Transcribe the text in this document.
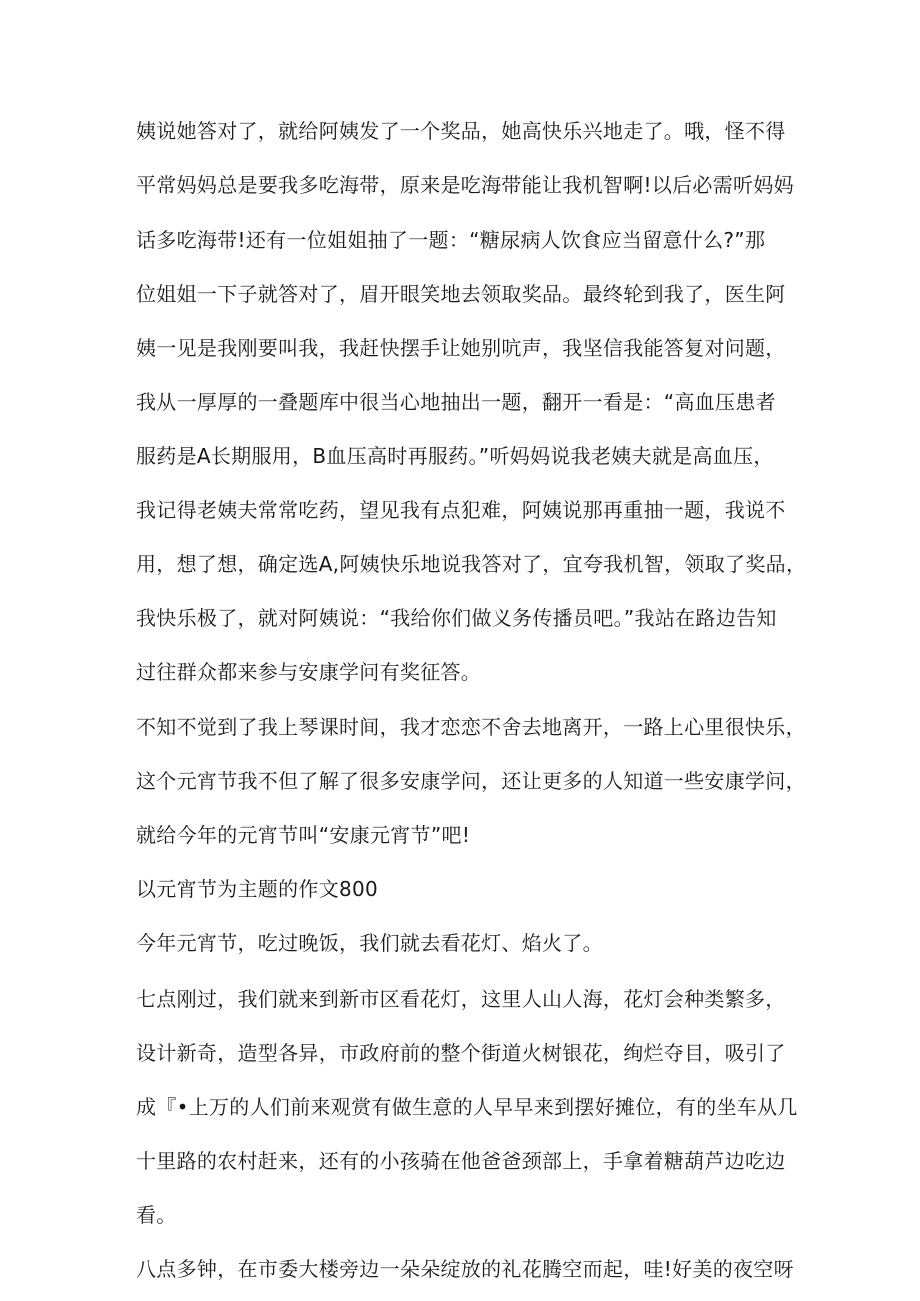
姨说她答对了，就给阿姨发了一个奖品，她高快乐兴地走了。哦，怪不得
平常妈妈总是要我多吃海带，原来是吃海带能让我机智啊!以后必需听妈妈
话多吃海带!还有一位姐姐抽了一题：“糖尿病人饮食应当留意什么?”那
位姐姐一下子就答对了，眉开眼笑地去领取奖品。最终轮到我了，医生阿
姨一见是我刚要叫我，我赶快摆手让她别吭声，我坚信我能答复对问题，
我从一厚厚的一叠题库中很当心地抽出一题，翻开一看是：“高血压患者
服药是A长期服用，B血压高时再服药。”听妈妈说我老姨夫就是高血压，
我记得老姨夫常常吃药，望见我有点犯难，阿姨说那再重抽一题，我说不
用，想了想，确定选A,阿姨快乐地说我答对了，宜夸我机智，领取了奖品，
我快乐极了，就对阿姨说：“我给你们做义务传播员吧。”我站在路边告知
过往群众都来参与安康学问有奖征答。
不知不觉到了我上琴课时间，我才恋恋不舍去地离开，一路上心里很快乐，
这个元宵节我不但了解了很多安康学问，还让更多的人知道一些安康学问，
就给今年的元宵节叫“安康元宵节”吧!
以元宵节为主题的作文800
今年元宵节，吃过晚饭，我们就去看花灯、焰火了。
七点刚过，我们就来到新市区看花灯，这里人山人海，花灯会种类繁多，
设计新奇，造型各异，市政府前的整个街道火树银花，绚烂夺目，吸引了
成『•上万的人们前来观赏有做生意的人早早来到摆好摊位，有的坐车从几
十里路的农村赶来，还有的小孩骑在他爸爸颈部上，手拿着糖葫芦边吃边
看。
八点多钟，在市委大楼旁边一朵朵绽放的礼花腾空而起，哇!好美的夜空呀
